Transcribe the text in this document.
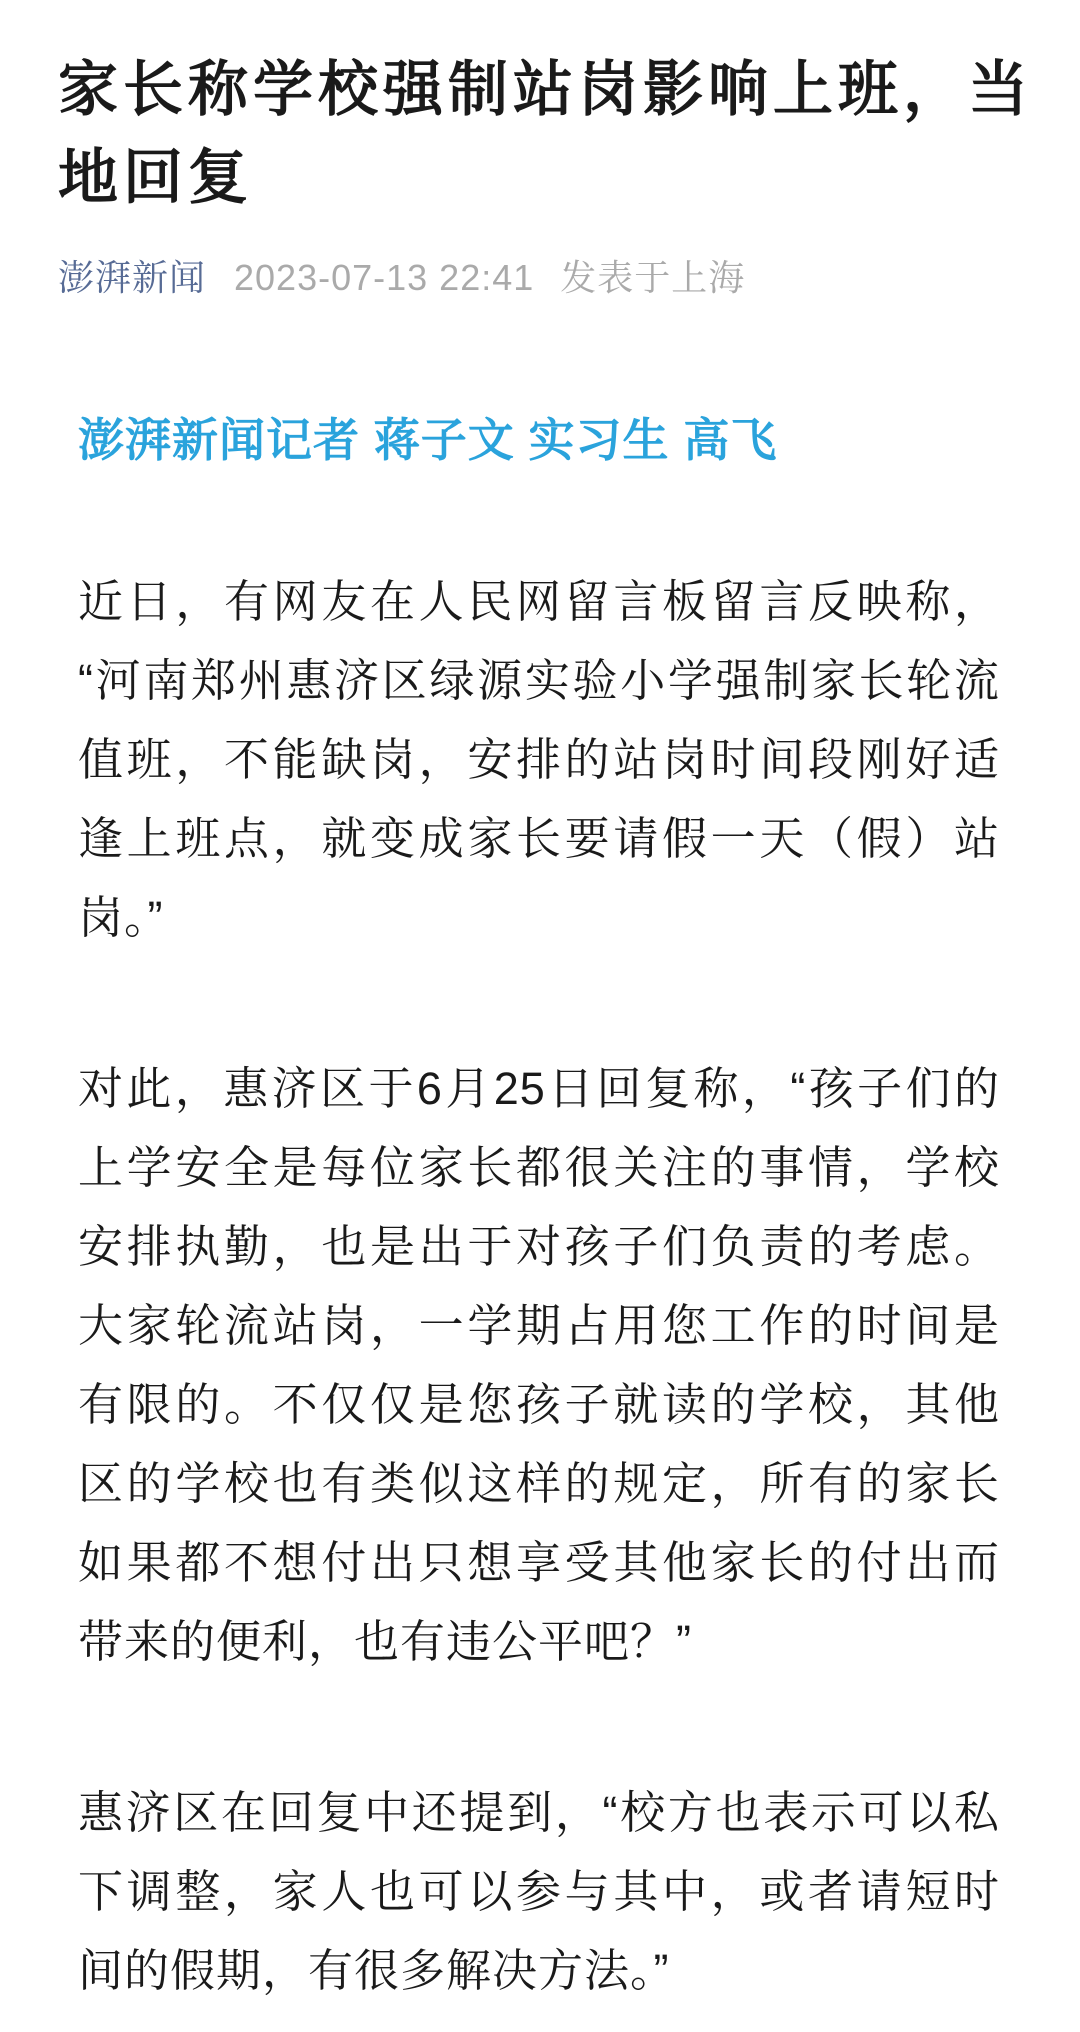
家长称学校强制站岗影响上班，当
地回复
澎湃新闻 2023-07-13 22:41 发表于上海

澎湃新闻记者 蒋子文 实习生 高飞

近日，有网友在人民网留言板留言反映称，
“河南郑州惠济区绿源实验小学强制家长轮流
值班，不能缺岗，安排的站岗时间段刚好适
逢上班点，就变成家长要请假一天（假）站
岗。”
对此，惠济区于6月25日回复称，“孩子们的
上学安全是每位家长都很关注的事情，学校
安排执勤，也是出于对孩子们负责的考虑。
大家轮流站岗，一学期占用您工作的时间是
有限的。不仅仅是您孩子就读的学校，其他
区的学校也有类似这样的规定，所有的家长
如果都不想付出只想享受其他家长的付出而
带来的便利，也有违公平吧？”
惠济区在回复中还提到，“校方也表示可以私
下调整，家人也可以参与其中，或者请短时
间的假期，有很多解决方法。”
